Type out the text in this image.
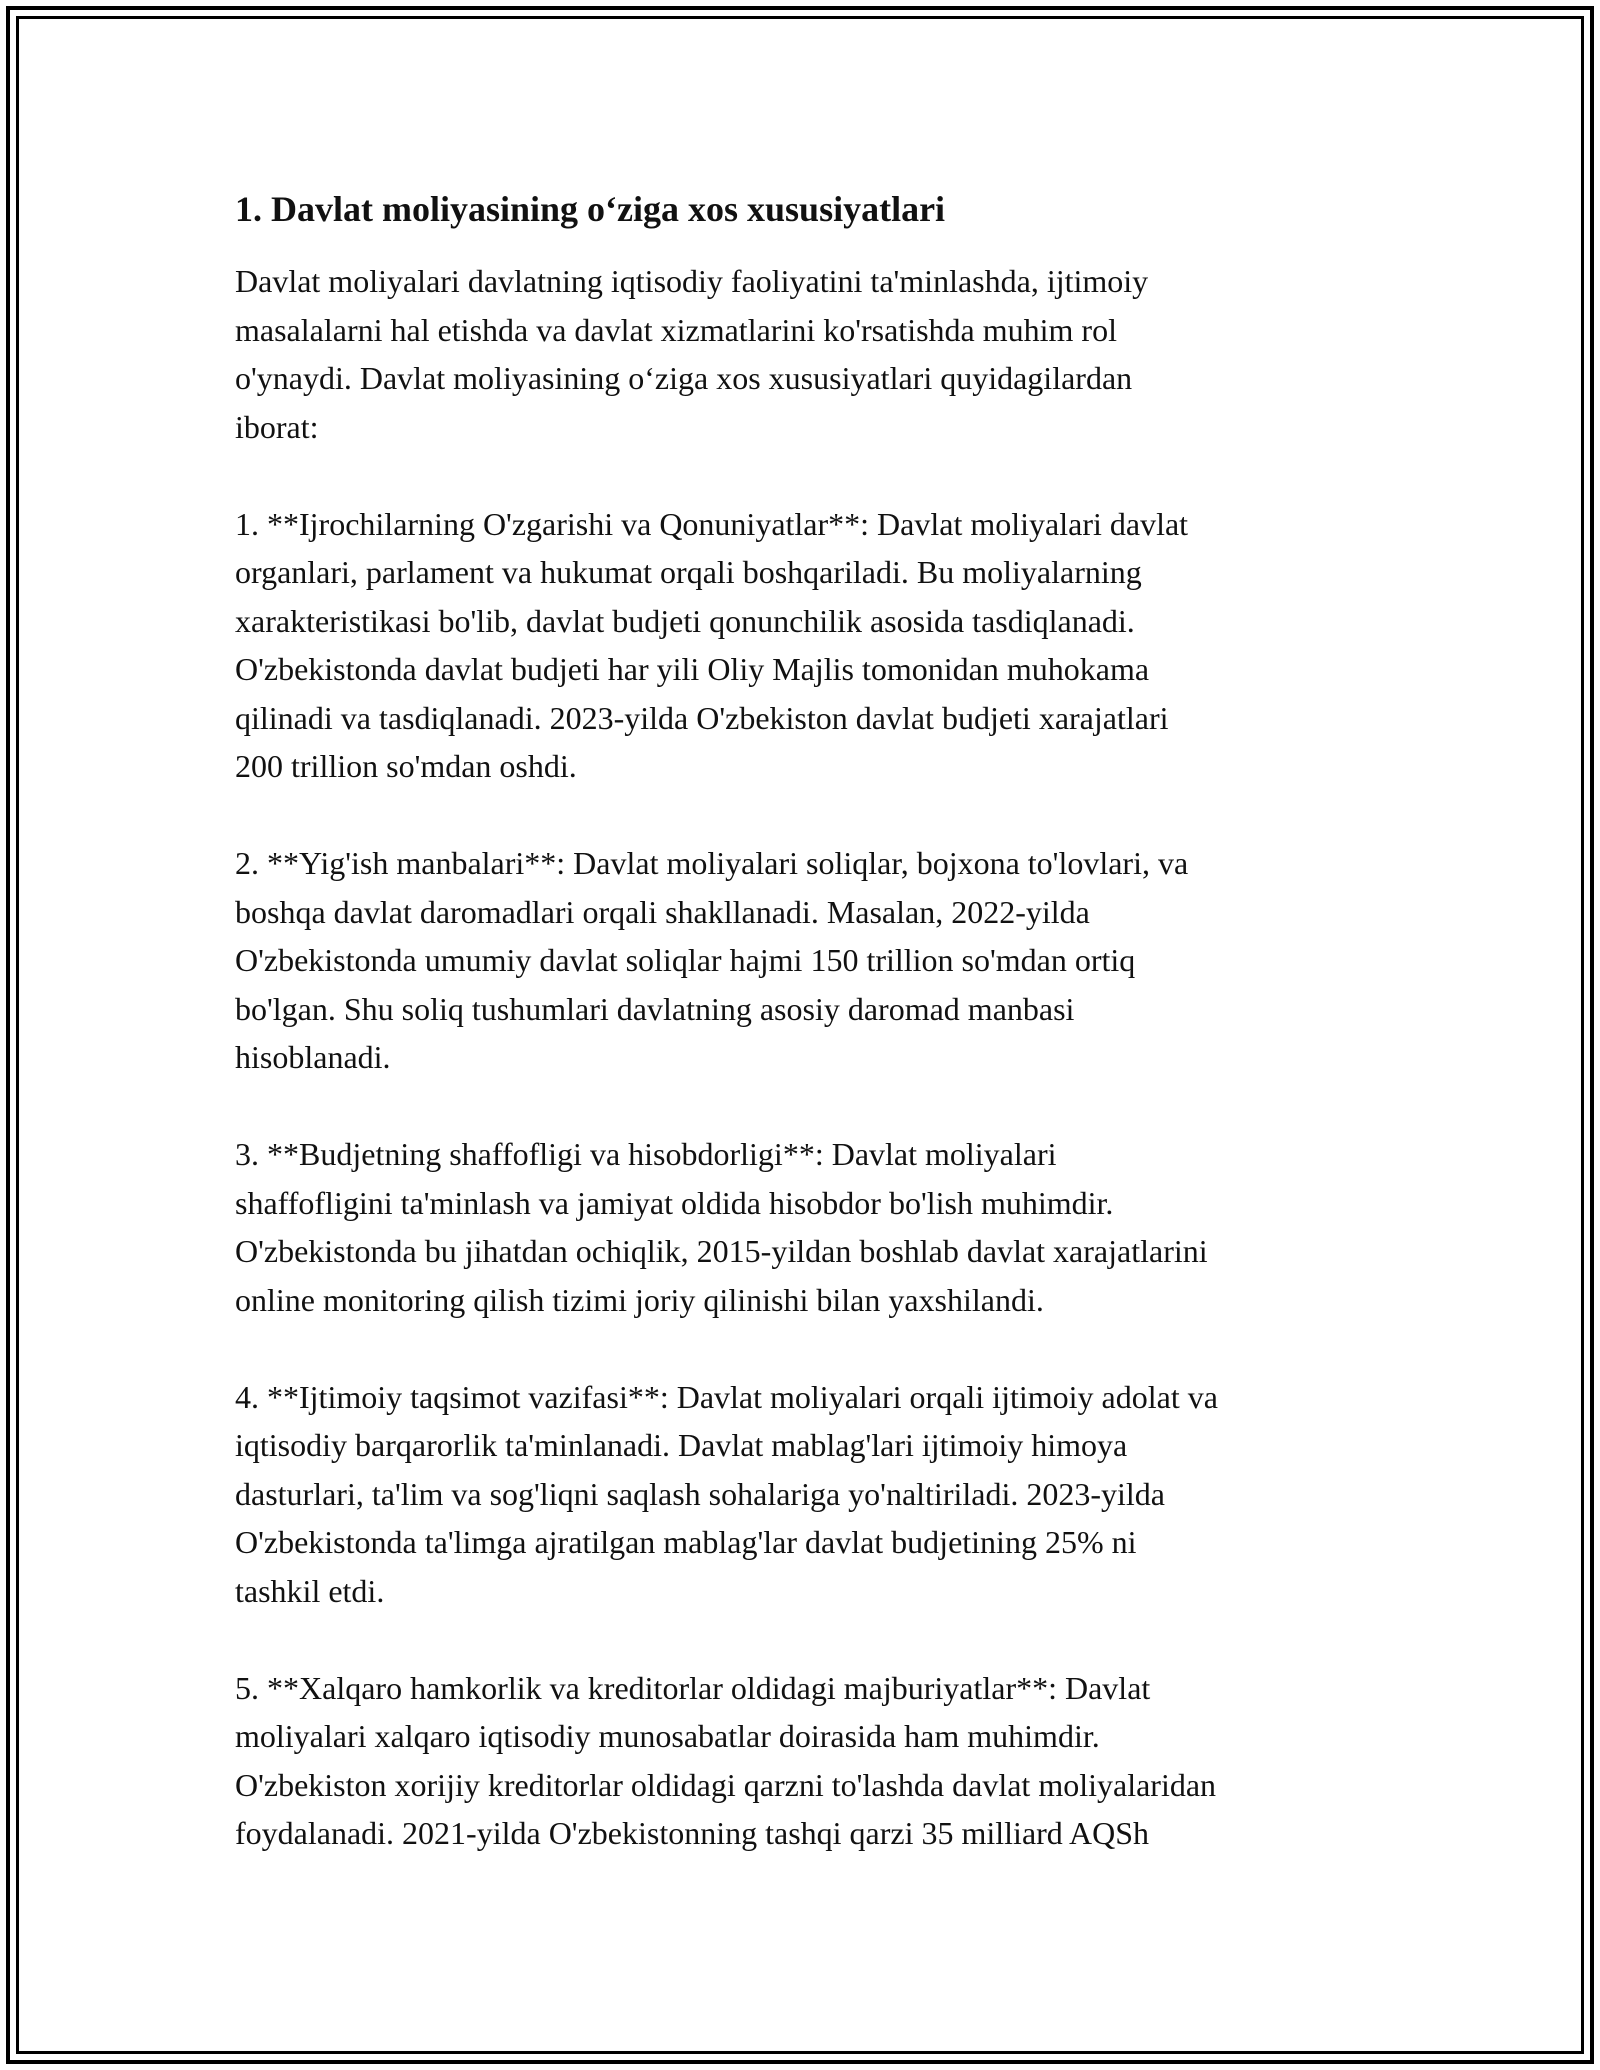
1. Davlat moliyasining o‘ziga xos xususiyatlari

Davlat moliyalari davlatning iqtisodiy faoliyatini ta'minlashda, ijtimoiy
masalalarni hal etishda va davlat xizmatlarini ko'rsatishda muhim rol
o'ynaydi. Davlat moliyasining o‘ziga xos xususiyatlari quyidagilardan
iborat:

1. **Ijrochilarning O'zgarishi va Qonuniyatlar**: Davlat moliyalari davlat
organlari, parlament va hukumat orqali boshqariladi. Bu moliyalarning
xarakteristikasi bo'lib, davlat budjeti qonunchilik asosida tasdiqlanadi.
O'zbekistonda davlat budjeti har yili Oliy Majlis tomonidan muhokama
qilinadi va tasdiqlanadi. 2023-yilda O'zbekiston davlat budjeti xarajatlari
200 trillion so'mdan oshdi.

2. **Yig'ish manbalari**: Davlat moliyalari soliqlar, bojxona to'lovlari, va
boshqa davlat daromadlari orqali shakllanadi. Masalan, 2022-yilda
O'zbekistonda umumiy davlat soliqlar hajmi 150 trillion so'mdan ortiq
bo'lgan. Shu soliq tushumlari davlatning asosiy daromad manbasi
hisoblanadi.

3. **Budjetning shaffofligi va hisobdorligi**: Davlat moliyalari
shaffofligini ta'minlash va jamiyat oldida hisobdor bo'lish muhimdir.
O'zbekistonda bu jihatdan ochiqlik, 2015-yildan boshlab davlat xarajatlarini
online monitoring qilish tizimi joriy qilinishi bilan yaxshilandi.

4. **Ijtimoiy taqsimot vazifasi**: Davlat moliyalari orqali ijtimoiy adolat va
iqtisodiy barqarorlik ta'minlanadi. Davlat mablag'lari ijtimoiy himoya
dasturlari, ta'lim va sog'liqni saqlash sohalariga yo'naltiriladi. 2023-yilda
O'zbekistonda ta'limga ajratilgan mablag'lar davlat budjetining 25% ni
tashkil etdi.

5. **Xalqaro hamkorlik va kreditorlar oldidagi majburiyatlar**: Davlat
moliyalari xalqaro iqtisodiy munosabatlar doirasida ham muhimdir.
O'zbekiston xorijiy kreditorlar oldidagi qarzni to'lashda davlat moliyalaridan
foydalanadi. 2021-yilda O'zbekistonning tashqi qarzi 35 milliard AQSh
